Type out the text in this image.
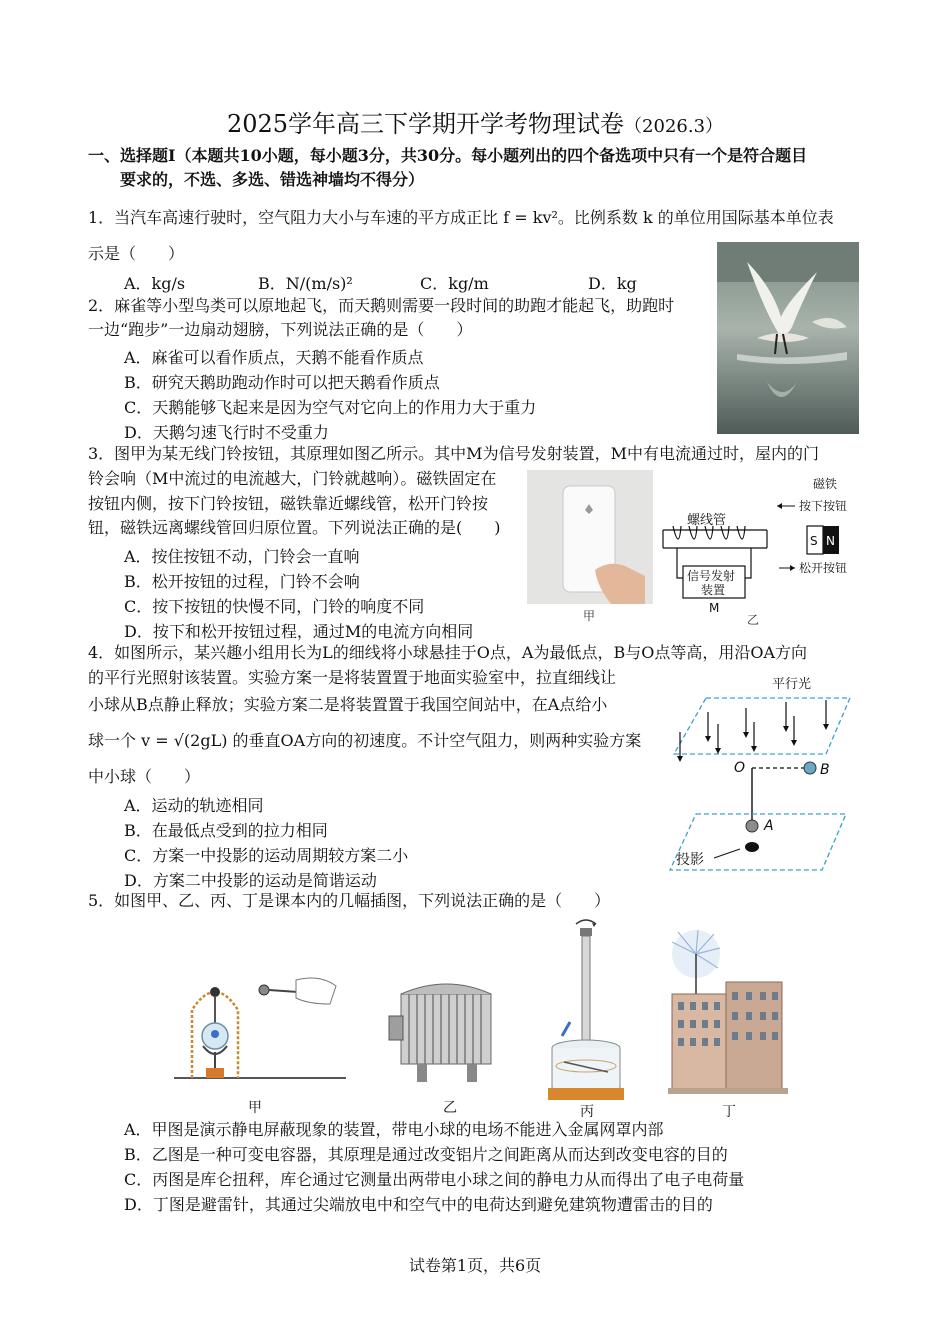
2025学年高三下学期开学考物理试卷（2026.3）
一、选择题Ⅰ（本题共10小题，每小题3分，共30分。每小题列出的四个备选项中只有一个是符合题目
要求的，不选、多选、错选神墙均不得分）
1．当汽车高速行驶时，空气阻力大小与车速的平方成正比 f = kv²。比例系数 k 的单位用国际基本单位表
示是（　　）
A．kg/s	B．N/(m/s)²	C．kg/m	D．kg
2．麻雀等小型鸟类可以原地起飞，而天鹅则需要一段时间的助跑才能起飞，助跑时
一边“跑步”一边扇动翅膀，下列说法正确的是（　　）
A．麻雀可以看作质点，天鹅不能看作质点
B．研究天鹅助跑动作时可以把天鹅看作质点
C．天鹅能够飞起来是因为空气对它向上的作用力大于重力
D．天鹅匀速飞行时不受重力
3．图甲为某无线门铃按钮，其原理如图乙所示。其中M为信号发射装置，M中有电流通过时，屋内的门
铃会响（M中流过的电流越大，门铃就越响）。磁铁固定在
按钮内侧，按下门铃按钮，磁铁靠近螺线管，松开门铃按
钮，磁铁远离螺线管回归原位置。下列说法正确的是(　　)
A．按住按钮不动，门铃会一直响
B．松开按钮的过程，门铃不会响
C．按下按钮的快慢不同，门铃的响度不同
D．按下和松开按钮过程，通过M的电流方向相同
甲
螺线管
信号发射
装置
M
乙
磁铁
按下按钮
S N
松开按钮
4．如图所示，某兴趣小组用长为L的细线将小球悬挂于O点，A为最低点，B与O点等高，用沿OA方向
的平行光照射该装置。实验方案一是将装置置于地面实验室中，拉直细线让
小球从B点静止释放；实验方案二是将装置置于我国空间站中，在A点给小
球一个 v = √(2gL) 的垂直OA方向的初速度。不计空气阻力，则两种实验方案
中小球（　　）
A．运动的轨迹相同
B．在最低点受到的拉力相同
C．方案一中投影的运动周期较方案二小
D．方案二中投影的运动是简谐运动
平行光
O	B
A
投影
5．如图甲、乙、丙、丁是课本内的几幅插图，下列说法正确的是（　　）
甲	乙	丙	丁
A．甲图是演示静电屏蔽现象的装置，带电小球的电场不能进入金属网罩内部
B．乙图是一种可变电容器，其原理是通过改变铝片之间距离从而达到改变电容的目的
C．丙图是库仑扭秤，库仑通过它测量出两带电小球之间的静电力从而得出了电子电荷量
D．丁图是避雷针，其通过尖端放电中和空气中的电荷达到避免建筑物遭雷击的目的
试卷第1页，共6页
